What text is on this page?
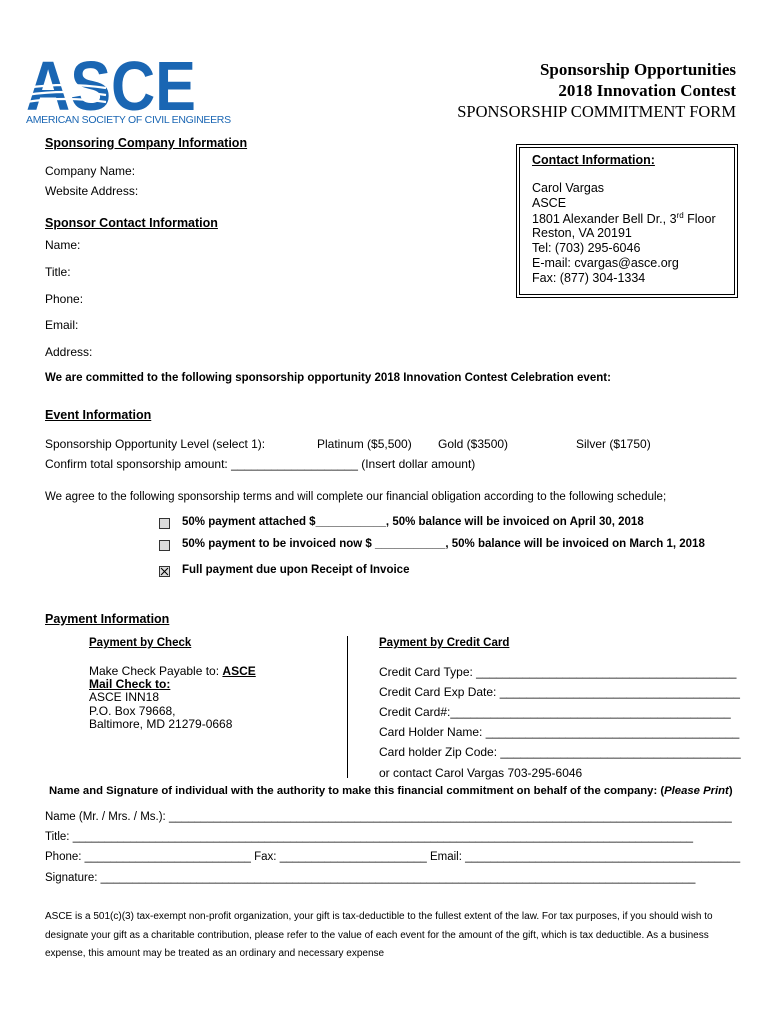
ASCE
AMERICAN SOCIETY OF CIVIL ENGINEERS
Sponsorship Opportunities
2018 Innovation Contest
SPONSORSHIP COMMITMENT FORM
Sponsoring Company Information
Company Name:
Website Address:
Sponsor Contact Information
Name:
Title:
Phone:
Email:
Address:
Contact Information:
Carol Vargas
ASCE
1801 Alexander Bell Dr., 3rd Floor
Reston, VA 20191
Tel: (703) 295-6046
E-mail: cvargas@asce.org
Fax: (877) 304-1334
We are committed to the following sponsorship opportunity 2018 Innovation Contest Celebration event:
Event Information
Sponsorship Opportunity Level (select 1):	Platinum ($5,500) Gold ($3500)	Silver ($1750)
Confirm total sponsorship amount: ___________________ (Insert dollar amount)
We agree to the following sponsorship terms and will complete our financial obligation according to the following schedule;
50% payment attached $___________, 50% balance will be invoiced on April 30, 2018
50% payment to be invoiced now $ ___________, 50% balance will be invoiced on March 1, 2018
Full payment due upon Receipt of Invoice
Payment Information
Payment by Check
Make Check Payable to: ASCE
Mail Check to:
ASCE INN18
P.O. Box 79668,
Baltimore, MD 21279-0668
Payment by Credit Card
Credit Card Type: _______________________________________
Credit Card Exp Date: ____________________________________
Credit Card#:__________________________________________
Card Holder Name: ______________________________________
Card holder Zip Code: ____________________________________
or contact Carol Vargas 703-295-6046
Name and Signature of individual with the authority to make this financial commitment on behalf of the company: (Please Print)
Name (Mr. / Mrs. / Ms.): ________________________________________________________________________________________
Title: _________________________________________________________________________________________________
Phone: __________________________ Fax: _______________________ Email: ___________________________________________
Signature: _____________________________________________________________________________________________
ASCE is a 501(c)(3) tax-exempt non-profit organization, your gift is tax-deductible to the fullest extent of the law. For tax purposes, if you should wish to
designate your gift as a charitable contribution, please refer to the value of each event for the amount of the gift, which is tax deductible. As a business
expense, this amount may be treated as an ordinary and necessary expense
